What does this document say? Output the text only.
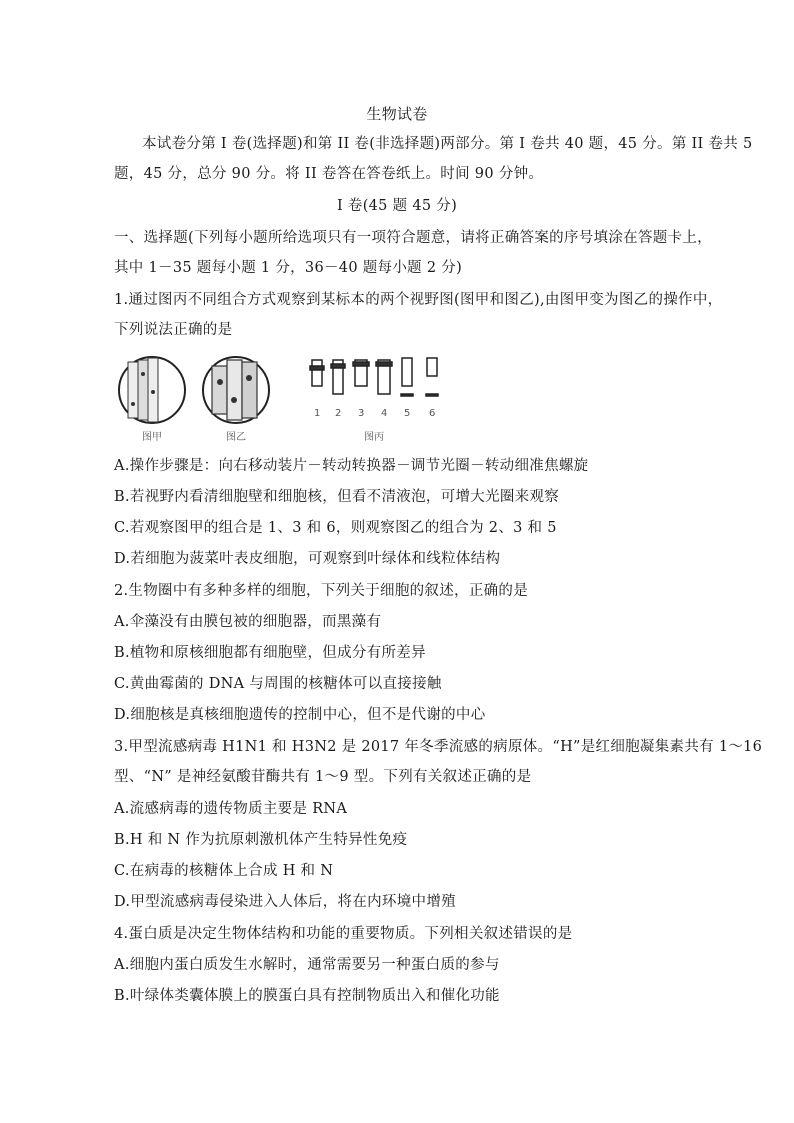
生物试卷
本试卷分第 I 卷(选择题)和第 II 卷(非选择题)两部分。第 I 卷共 40 题，45 分。第 II 卷共 5
题，45 分，总分 90 分。将 II 卷答在答卷纸上。时间 90 分钟。
I 卷(45 题 45 分)
一、选择题(下列每小题所给选项只有一项符合题意，请将正确答案的序号填涂在答题卡上，
其中 1－35 题每小题 1 分，36－40 题每小题 2 分)
1.通过图丙不同组合方式观察到某标本的两个视野图(图甲和图乙),由图甲变为图乙的操作中，
下列说法正确的是
1 2 3 4 5 6
图甲	图乙	图丙
A.操作步骤是：向右移动装片－转动转换器－调节光圈－转动细准焦螺旋
B.若视野内看清细胞壁和细胞核，但看不清液泡，可增大光圈来观察
C.若观察图甲的组合是 1、3 和 6，则观察图乙的组合为 2、3 和 5
D.若细胞为菠菜叶表皮细胞，可观察到叶绿体和线粒体结构
2.生物圈中有多种多样的细胞，下列关于细胞的叙述，正确的是
A.伞藻没有由膜包被的细胞器，而黑藻有
B.植物和原核细胞都有细胞壁，但成分有所差异
C.黄曲霉菌的 DNA 与周围的核糖体可以直接接触
D.细胞核是真核细胞遗传的控制中心，但不是代谢的中心
3.甲型流感病毒 H1N1 和 H3N2 是 2017 年冬季流感的病原体。“H”是红细胞凝集素共有 1～16
型、“N” 是神经氨酸苷酶共有 1～9 型。下列有关叙述正确的是
A.流感病毒的遗传物质主要是 RNA
B.H 和 N 作为抗原刺激机体产生特异性免疫
C.在病毒的核糖体上合成 H 和 N
D.甲型流感病毒侵染进入人体后，将在内环境中增殖
4.蛋白质是决定生物体结构和功能的重要物质。下列相关叙述错误的是
A.细胞内蛋白质发生水解时，通常需要另一种蛋白质的参与
B.叶绿体类囊体膜上的膜蛋白具有控制物质出入和催化功能
